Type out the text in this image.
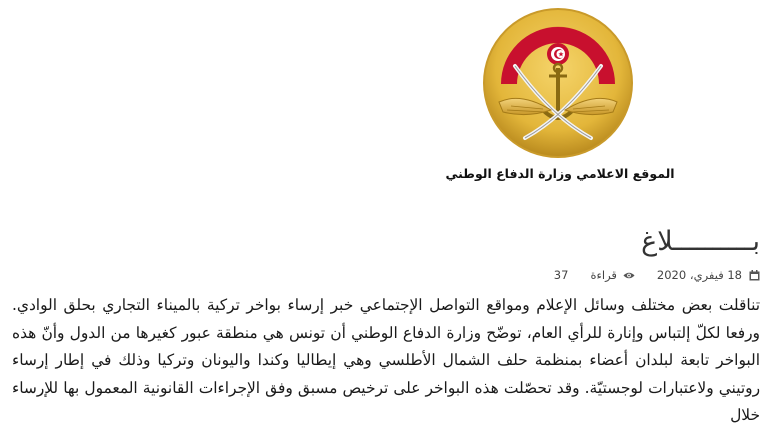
الموقع الاعلامي وزارة الدفاع الوطني
بــــــــــلاغ
18 فيفري، 2020
قراءة
37

تناقلت بعض مختلف وسائل الإعلام ومواقع التواصل الإجتماعي خبر إرساء بواخر تركية بالميناء التجاري بحلق الوادي. ورفعا لكلّ إلتباس وإنارة للرأي العام، توضّح وزارة الدفاع الوطني أن تونس هي منطقة عبور كغيرها من الدول وأنّ هذه البواخر تابعة لبلدان أعضاء بمنظمة حلف الشمال الأطلسي وهي إيطاليا وكندا واليونان وتركيا وذلك في إطار إرساء روتيني ولاعتبارات لوجستيّة. وقد تحصّلت هذه البواخر على ترخيص مسبق وفق الإجراءات القانونية المعمول بها للإرساء خلال
